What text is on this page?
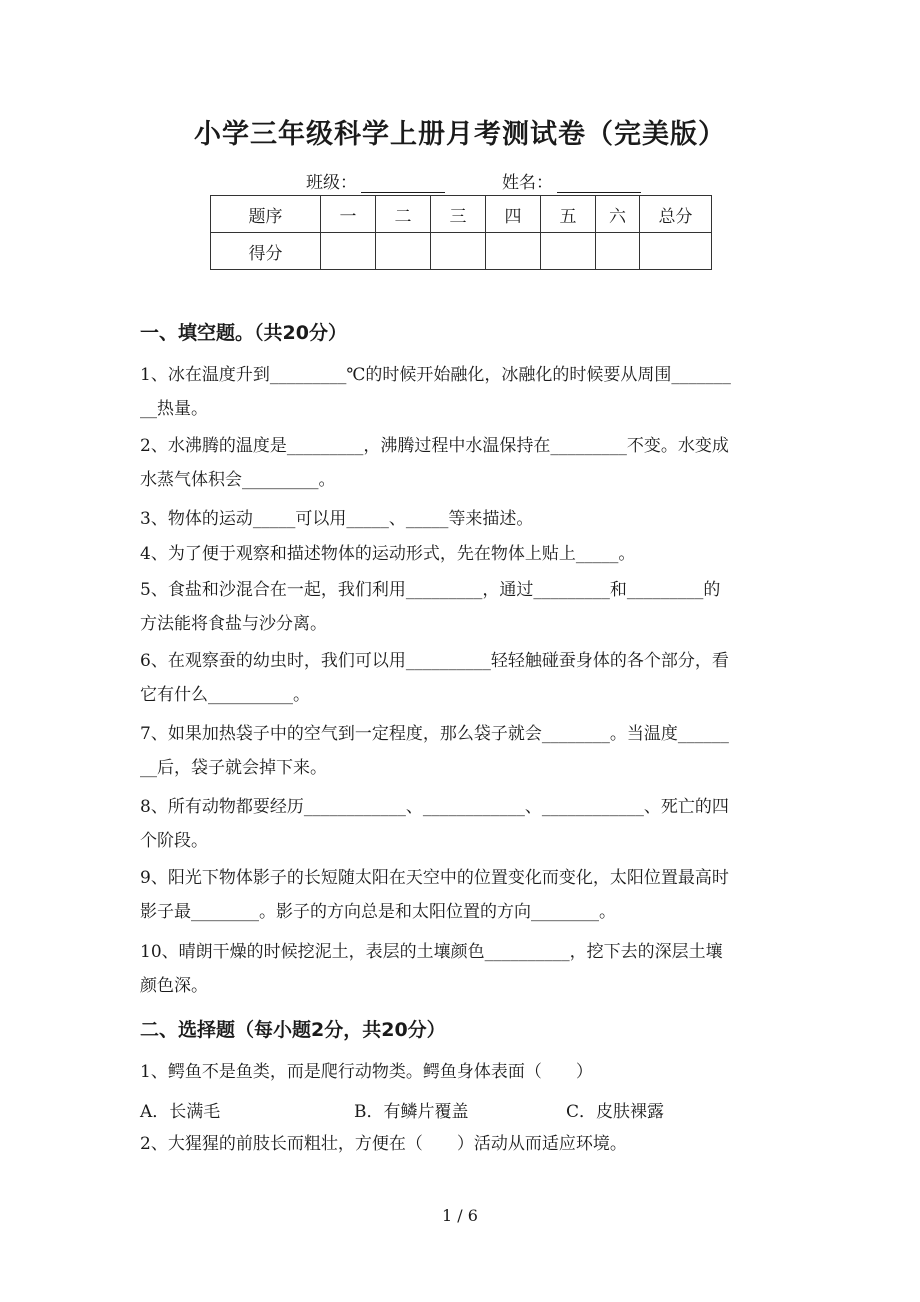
小学三年级科学上册月考测试卷（完美版）
班级：	姓名：
题序	一	二	三	四	五	六	总分
得分							
一、填空题。（共20分）
1、冰在温度升到_________℃的时候开始融化，冰融化的时候要从周围_______
__热量。
2、水沸腾的温度是_________，沸腾过程中水温保持在_________不变。水变成
水蒸气体积会_________。
3、物体的运动_____可以用_____、_____等来描述。
4、为了便于观察和描述物体的运动形式，先在物体上贴上_____。
5、食盐和沙混合在一起，我们利用_________，通过_________和_________的
方法能将食盐与沙分离。
6、在观察蚕的幼虫时，我们可以用__________轻轻触碰蚕身体的各个部分，看
它有什么__________。
7、如果加热袋子中的空气到一定程度，那么袋子就会________。当温度______
__后，袋子就会掉下来。
8、所有动物都要经历____________、____________、____________、死亡的四
个阶段。
9、阳光下物体影子的长短随太阳在天空中的位置变化而变化，太阳位置最高时
影子最________。影子的方向总是和太阳位置的方向________。
10、晴朗干燥的时候挖泥土，表层的土壤颜色__________，挖下去的深层土壤
颜色深。
二、选择题（每小题2分，共20分）
1、鳄鱼不是鱼类，而是爬行动物类。鳄鱼身体表面（　　）
A．长满毛	B．有鳞片覆盖	C．皮肤裸露
2、大猩猩的前肢长而粗壮，方便在（　　）活动从而适应环境。
1 / 6
